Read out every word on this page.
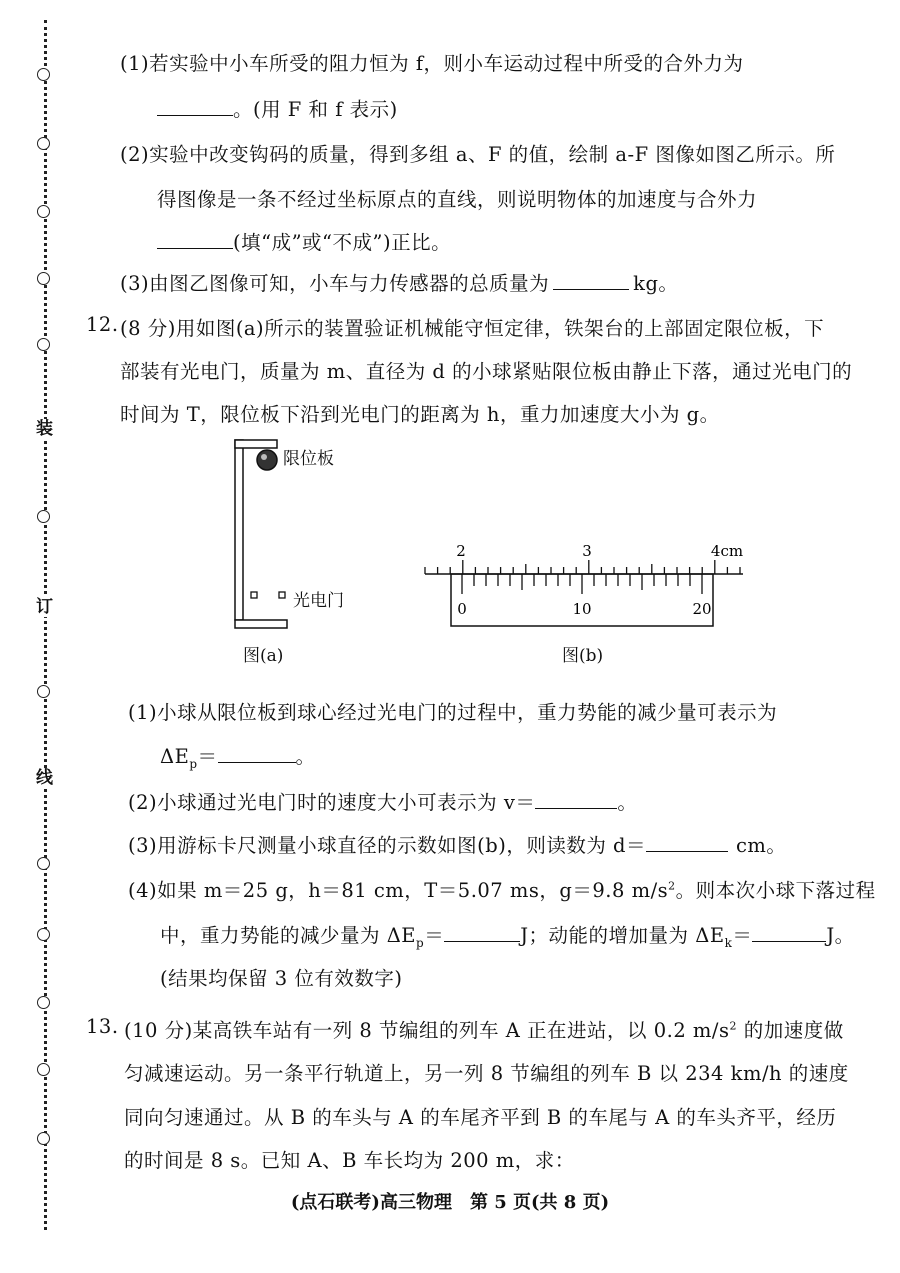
装
订
线
(1)若实验中小车所受的阻力恒为 f，则小车运动过程中所受的合外力为
。(用 F 和 f 表示)
(2)实验中改变钩码的质量，得到多组 a、F 的值，绘制 a-F 图像如图乙所示。所
得图像是一条不经过坐标原点的直线，则说明物体的加速度与合外力
(填“成”或“不成”)正比。
(3)由图乙图像可知，小车与力传感器的总质量为	kg。
12. (8 分)用如图(a)所示的装置验证机械能守恒定律，铁架台的上部固定限位板，下
部装有光电门，质量为 m、直径为 d 的小球紧贴限位板由静止下落，通过光电门的
时间为 T，限位板下沿到光电门的距离为 h，重力加速度大小为 g。
限位板
光电门
图(a)
2	3	4cm
0	10	20
图(b)
(1)小球从限位板到球心经过光电门的过程中，重力势能的减少量可表示为
$\Delta E_p=$	。
(2)小球通过光电门时的速度大小可表示为 v＝	。
(3)用游标卡尺测量小球直径的示数如图(b)，则读数为 d＝	cm。
(4)如果 m＝25 g，h＝81 cm，T＝5.07 ms，g＝9.8 $m/s^2$。则本次小球下落过程
中，重力势能的减少量为 $\Delta E_p=$	J；动能的增加量为 $\Delta E_k=$	J。
(结果均保留 3 位有效数字)
13. (10 分)某高铁车站有一列 8 节编组的列车 A 正在进站，以 0.2 $m/s^2$ 的加速度做
匀减速运动。另一条平行轨道上，另一列 8 节编组的列车 B 以 234 km/h 的速度
同向匀速通过。从 B 的车头与 A 的车尾齐平到 B 的车尾与 A 的车头齐平，经历
的时间是 8 s。已知 A、B 车长均为 200 m，求：
(点石联考)高三物理　第 5 页(共 8 页)
